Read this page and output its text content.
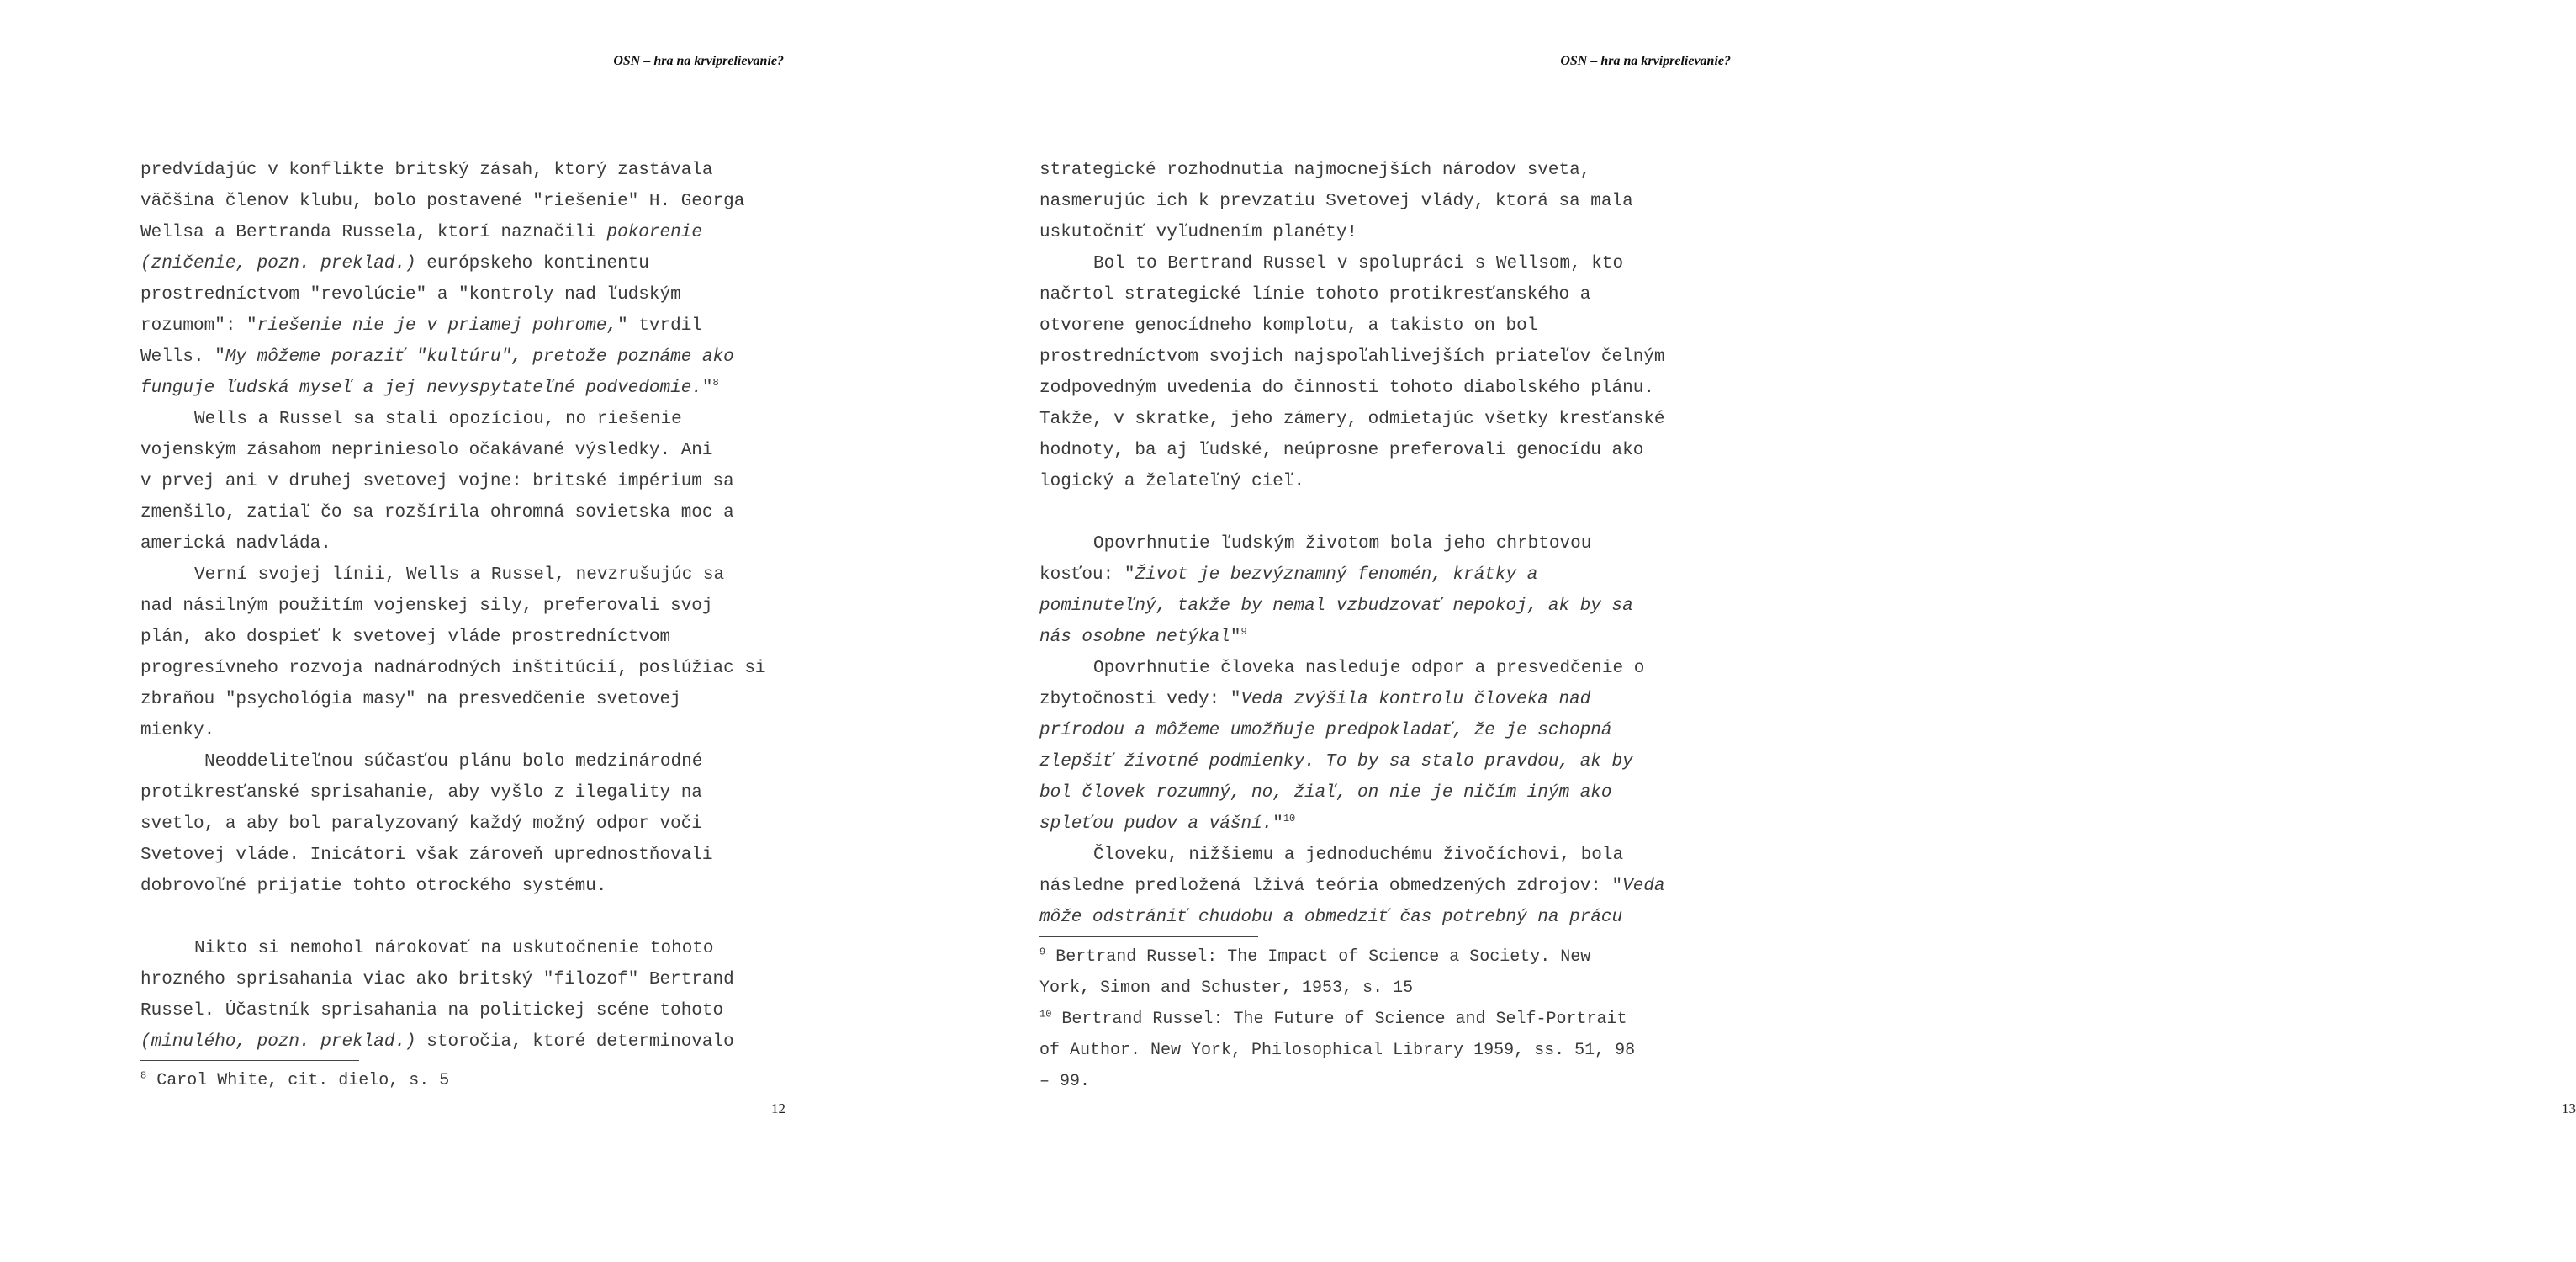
OSN – hra na krviprelievanie?
predvídajúc v konflikte britský zásah, ktorý zastávala
väčšina členov klubu, bolo postavené "riešenie" H. Georga
Wellsa a Bertranda Russela, ktorí naznačili pokorenie
(zničenie, pozn. preklad.) európskeho kontinentu
prostredníctvom "revolúcie" a "kontroly nad ľudským
rozumom": "riešenie nie je v priamej pohrome," tvrdil
Wells. "My môžeme poraziť "kultúru", pretože poznáme ako
funguje ľudská myseľ a jej nevyspytateľné podvedomie."$^8$
Wells a Russel sa stali opozíciou, no riešenie
vojenským zásahom nepriniesolo očakávané výsledky. Ani
v prvej ani v druhej svetovej vojne: britské impérium sa
zmenšilo, zatiaľ čo sa rozšírila ohromná sovietska moc a
americká nadvláda.
Verní svojej línii, Wells a Russel, nevzrušujúc sa
nad násilným použitím vojenskej sily, preferovali svoj
plán, ako dospieť k svetovej vláde prostredníctvom
progresívneho rozvoja nadnárodných inštitúcií, poslúžiac si
zbraňou "psychológia masy" na presvedčenie svetovej
mienky.
Neoddeliteľnou súčasťou plánu bolo medzinárodné
protikresťanské sprisahanie, aby vyšlo z ilegality na
svetlo, a aby bol paralyzovaný každý možný odpor voči
Svetovej vláde. Inicátori však zároveň uprednostňovali
dobrovoľné prijatie tohto otrockého systému.
Nikto si nemohol nárokovať na uskutočnenie tohoto
hrozného sprisahania viac ako britský "filozof" Bertrand
Russel. Účastník sprisahania na politickej scéne tohoto
(minulého, pozn. preklad.) storočia, ktoré determinovalo
$^8$ Carol White, cit. dielo, s. 5
12
OSN – hra na krviprelievanie?
strategické rozhodnutia najmocnejších národov sveta,
nasmerujúc ich k prevzatiu Svetovej vlády, ktorá sa mala
uskutočniť vyľudnením planéty!
Bol to Bertrand Russel v spolupráci s Wellsom, kto
načrtol strategické línie tohoto protikresťanského a
otvorene genocídneho komplotu, a takisto on bol
prostredníctvom svojich najspoľahlivejších priateľov čelným
zodpovedným uvedenia do činnosti tohoto diabolského plánu.
Takže, v skratke, jeho zámery, odmietajúc všetky kresťanské
hodnoty, ba aj ľudské, neúprosne preferovali genocídu ako
logický a želateľný cieľ.
Opovrhnutie ľudským životom bola jeho chrbtovou
kosťou: "Život je bezvýznamný fenomén, krátky a
pominuteľný, takže by nemal vzbudzovať nepokoj, ak by sa
nás osobne netýkal"$^9$
Opovrhnutie človeka nasleduje odpor a presvedčenie o
zbytočnosti vedy: "Veda zvýšila kontrolu človeka nad
prírodou a môžeme umožňuje predpokladať, že je schopná
zlepšiť životné podmienky. To by sa stalo pravdou, ak by
bol človek rozumný, no, žiaľ, on nie je ničím iným ako
spleťou pudov a vášní."$^{10}$
Človeku, nižšiemu a jednoduchému živočíchovi, bola
následne predložená lživá teória obmedzených zdrojov: "Veda
môže odstrániť chudobu a obmedziť čas potrebný na prácu
$^9$ Bertrand Russel: The Impact of Science a Society. New
York, Simon and Schuster, 1953, s. 15
$^{10}$ Bertrand Russel: The Future of Science and Self-Portrait
of Author. New York, Philosophical Library 1959, ss. 51, 98
– 99.
13
